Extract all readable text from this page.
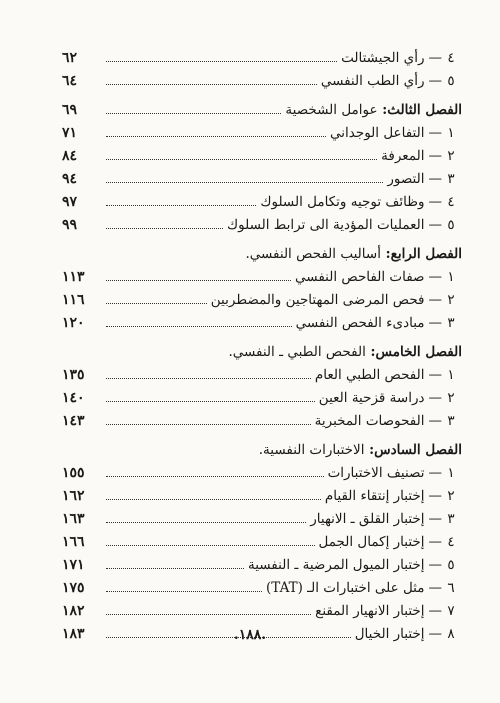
٤—رأي الجيشتالت
٦٢
٥—رأي الطب النفسي
٦٤
الفصل الثالث: عوامل الشخصية
٦٩
١—التفاعل الوجداني
٧١
٢—المعرفة
٨٤
٣—التصور
٩٤
٤—وظائف توجيه وتكامل السلوك
٩٧
٥—العمليات المؤدية الى ترابط السلوك
٩٩
الفصل الرابع: أساليب الفحص النفسي.
١—صفات الفاحص النفسي
١١٣
٢—فحص المرضى المهتاجين والمضطربين
١١٦
٣—مبادىء الفحص النفسي
١٢٠
الفصل الخامس: الفحص الطبي ـ النفسي.
١—الفحص الطبي العام
١٣٥
٢—دراسة قزحية العين
١٤٠
٣—الفحوصات المخبرية
١٤٣
الفصل السادس: الاختبارات النفسية.
١—تصنيف الاختبارات
١٥٥
٢—إختبار إنتقاء القيام
١٦٢
٣—إختبار القلق ـ الانهيار
١٦٣
٤—إختبار إكمال الجمل
١٦٦
٥—إختبار الميول المرضية ـ النفسية
١٧١
٦—مثل على اختبارات الـ (TAT)
١٧٥
٧—إختبار الانهيار المقنع
١٨٢
٨—إختبار الخيال
١٨٣	.١٨٨.
